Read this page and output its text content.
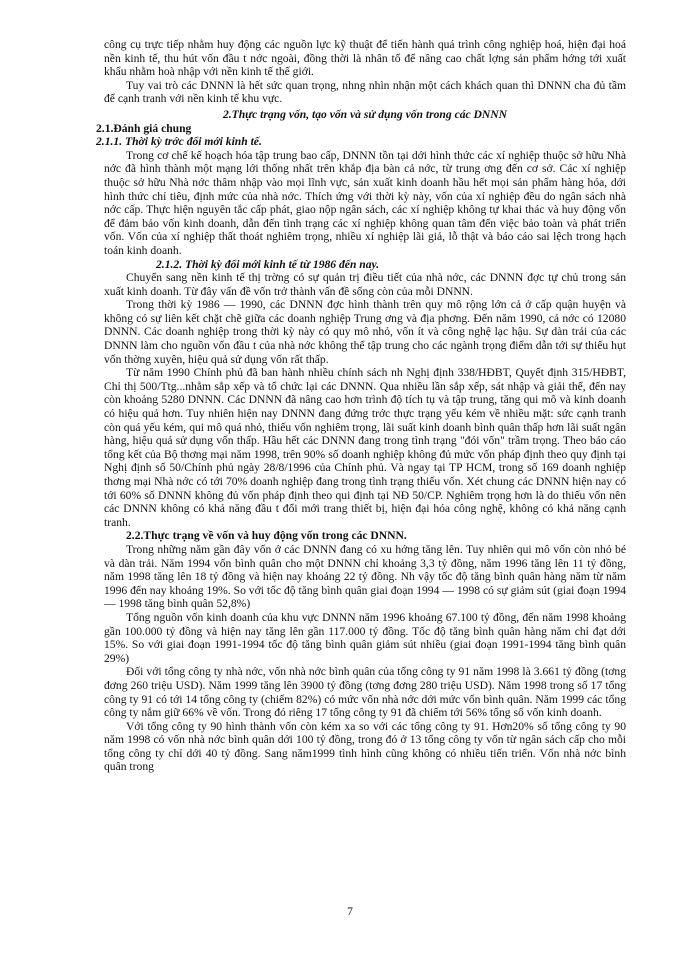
công cụ trực tiếp nhằm huy động các nguồn lực kỹ thuật để tiến hành quá trình công nghiệp hoá, hiện đại hoá nền kinh tế, thu hút vốn đầu t nớc ngoài, đồng thời là nhân tố để nâng cao chất lợng sản phẩm hớng tới xuất khẩu nhằm hoà nhập với nền kinh tế thế giới.

Tuy vai trò các DNNN là hết sức quan trọng, nhng nhìn nhận một cách khách quan thì DNNN cha đủ tầm để cạnh tranh với nền kinh tế khu vực.

2.Thực trạng vốn, tạo vốn và sử dụng vốn trong các DNNN
2.1.Đánh giá chung
2.1.1. Thời kỳ trớc đổi mới kinh tế.

Trong cơ chế kế hoạch hóa tập trung bao cấp, DNNN tồn tại dới hình thức các xí nghiệp thuộc sở hữu Nhà nớc đã hình thành một mạng lới thống nhất trên khắp địa bàn cả nớc, từ trung ơng đến cơ sở. Các xí nghiệp thuộc sở hữu Nhà nớc thâm nhập vào mọi lĩnh vực, sản xuất kinh doanh hầu hết mọi sản phẩm hàng hóa, dới hình thức chỉ tiêu, định mức của nhà nớc. Thích ứng với thời kỳ này, vốn của xí nghiệp đều do ngân sách nhà nớc cấp. Thực hiện nguyên tắc cấp phát, giao nộp ngân sách, các xí nghiệp không tự khai thác và huy động vốn để đảm bảo vốn kinh doanh, dẫn đến tình trạng các xí nghiệp không quan tâm đến việc bảo toàn và phát triển vốn. Vốn của xí nghiệp thất thoát nghiêm trọng, nhiều xí nghiệp lãi giả, lỗ thật và báo cáo sai lệch trong hạch toán kinh doanh.

2.1.2. Thời kỳ đổi mới kinh tế từ 1986 đến nay.

Chuyển sang nền kinh tế thị trờng có sự quản trị điều tiết của nhà nớc, các DNNN đợc tự chủ trong sản xuất kinh doanh. Từ đây vấn đề vốn trở thành vấn đề sống còn của mỗi DNNN.

Trong thời kỳ 1986 — 1990, các DNNN đợc hình thành trên quy mô rộng lớn cả ở cấp quận huyện và không có sự liên kết chặt chẽ giữa các doanh nghiệp Trung ơng và địa phơng. Đến năm 1990, cả nớc có 12080 DNNN. Các doanh nghiệp trong thời kỳ này có quy mô nhỏ, vốn ít và công nghệ lạc hậu. Sự dàn trải của các DNNN làm cho nguồn vốn đầu t của nhà nớc không thể tập trung cho các ngành trọng điểm dẫn tới sự thiếu hụt vốn thờng xuyên, hiệu quả sử dụng vốn rất thấp.

Từ năm 1990 Chính phủ đã ban hành nhiều chính sách nh Nghị định 338/HĐBT, Quyết định 315/HĐBT, Chỉ thị 500/Ttg...nhằm sắp xếp và tổ chức lại các DNNN. Qua nhiều lần sắp xếp, sát nhập và giải thể, đến nay còn khoảng 5280 DNNN. Các DNNN đã nâng cao hơn trình độ tích tụ và tập trung, tăng qui mô và kinh doanh có hiệu quả hơn. Tuy nhiên hiện nay DNNN đang đứng trớc thực trạng yếu kém về nhiều mặt: sức cạnh tranh còn quá yếu kém, qui mô quá nhỏ, thiếu vốn nghiêm trọng, lãi suất kinh doanh bình quân thấp hơn lãi suất ngân hàng, hiệu quả sử dụng vốn thấp. Hầu hết các DNNN đang trong tình trạng "đói vốn" trầm trọng. Theo báo cáo tổng kết của Bộ thơng mại năm 1998, trên 90% số doanh nghiệp không đủ mức vốn pháp định theo quy định tại Nghị định số 50/Chính phủ ngày 28/8/1996 của Chính phủ. Và ngay tại TP HCM, trong số 169 doanh nghiệp thơng mại Nhà nớc có tới 70% doanh nghiệp đang trong tình trạng thiếu vốn. Xét chung các DNNN hiện nay có tới 60% số DNNN không đủ vốn pháp định theo qui định tại NĐ 50/CP. Nghiêm trọng hơn là do thiếu vốn nên các DNNN không có khả năng đầu t đổi mới trang thiết bị, hiện đại hóa công nghệ, không có khả năng cạnh tranh.

2.2.Thực trạng về vốn và huy động vốn trong các DNNN.

Trong những năm gần đây vốn ở các DNNN đang có xu hớng tăng lên. Tuy nhiên qui mô vốn còn nhỏ bé và dàn trải. Năm 1994 vốn bình quân cho một DNNN chỉ khoảng 3,3 tỷ đồng, năm 1996 tăng lên 11 tỷ đồng, năm 1998 tăng lên 18 tỷ đồng và hiện nay khoảng 22 tỷ đồng. Nh vậy tốc độ tăng bình quân hàng năm từ năm 1996 đến nay khoảng 19%. So với tốc độ tăng bình quân giai đoạn 1994 — 1998 có sự giảm sút (giai đoạn 1994 — 1998 tăng bình quân 52,8%)

Tổng nguồn vốn kinh doanh của khu vực DNNN năm 1996 khoảng 67.100 tỷ đồng, đến năm 1998 khoảng gần 100.000 tỷ đồng và hiện nay tăng lên gần 117.000 tỷ đồng. Tốc độ tăng bình quân hàng năm chỉ đạt dới 15%. So với giai đoạn 1991-1994 tốc độ tăng bình quân giảm sút nhiều (giai đoạn 1991-1994 tăng bình quân 29%)

Đối với tổng công ty nhà nớc, vốn nhà nớc bình quân của tổng công ty 91 năm 1998 là 3.661 tỷ đồng (tơng đơng 260 triệu USD). Năm 1999 tăng lên 3900 tỷ đồng (tơng đơng 280 triệu USD). Năm 1998 trong số 17 tổng công ty 91 có tới 14 tổng công ty (chiếm 82%) có mức vốn nhà nớc dới mức vốn bình quân. Năm 1999 các tổng công ty nắm giữ 66% về vốn. Trong đó riêng 17 tổng công ty 91 đã chiếm tới 56% tổng số vốn kinh doanh.

Với tổng công ty 90 hình thành vốn còn kém xa so với các tổng công ty 91. Hơn20% số tổng công ty 90 năm 1998 có vốn nhà nớc bình quân dới 100 tỷ đồng, trong đó ở 13 tổng công ty vốn từ ngân sách cấp cho mỗi tổng công ty chỉ dới 40 tỷ đồng. Sang năm1999 tình hình cũng không có nhiều tiến triển. Vốn nhà nớc bình quân trong

7
